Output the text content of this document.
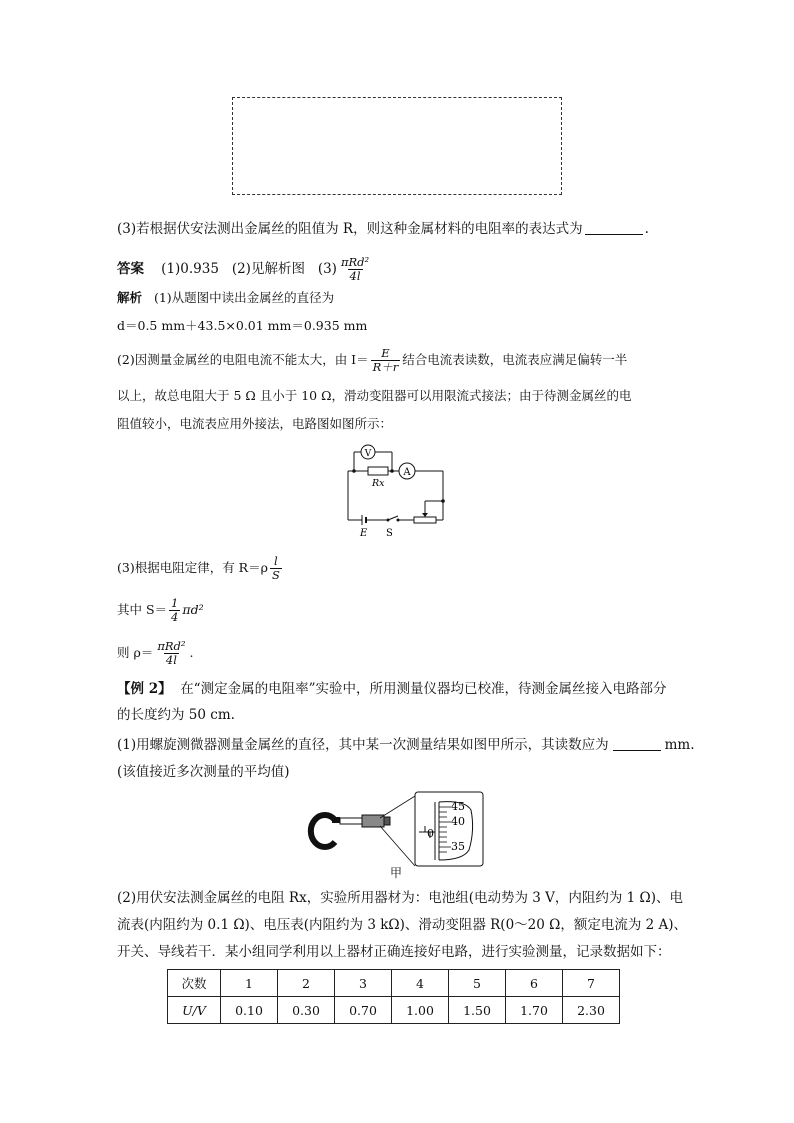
(3)若根据伏安法测出金属丝的阻值为 R，则这种金属材料的电阻率的表达式为	.
答案 (1)0.935 (2)见解析图 $(3) \frac{\text{πRd²}}{4l}$
解析 (1)从题图中读出金属丝的直径为
d＝0.5 mm＋43.5×0.01 mm＝0.935 mm
(2)因测量金属丝的电阻电流不能太大，由 $I= \frac{E}{R+r}$ 结合电流表读数，电流表应满足偏转一半
以上，故总电阻大于 5 Ω 且小于 10 Ω，滑动变阻器可以用限流式接法；由于待测金属丝的电
阻值较小，电流表应用外接法，电路图如图所示：
V
A
Rx
E S
(3)根据电阻定律，有 $R=\rho \frac{l}{S}$
其中 $S= \frac{1}{4} \pi d^2$
则 $\rho= \frac{\text{πRd²}}{4l}$ .
【例 2】 在“测定金属的电阻率”实验中，所用测量仪器均已校准，待测金属丝接入电路部分
的长度约为 50 cm.
(1)用螺旋测微器测量金属丝的直径，其中某一次测量结果如图甲所示，其读数应为	mm.
(该值接近多次测量的平均值)
45
40
35
0
甲
(2)用伏安法测金属丝的电阻 Rx，实验所用器材为：电池组(电动势为 3 V，内阻约为 1 Ω)、电
流表(内阻约为 0.1 Ω)、电压表(内阻约为 3 kΩ)、滑动变阻器 R(0～20 Ω，额定电流为 2 A)、
开关、导线若干．某小组同学利用以上器材正确连接好电路，进行实验测量，记录数据如下：
次数	1	2	3	4	5	6	7
U/V	0.10	0.30	0.70	1.00	1.50	1.70	2.30
